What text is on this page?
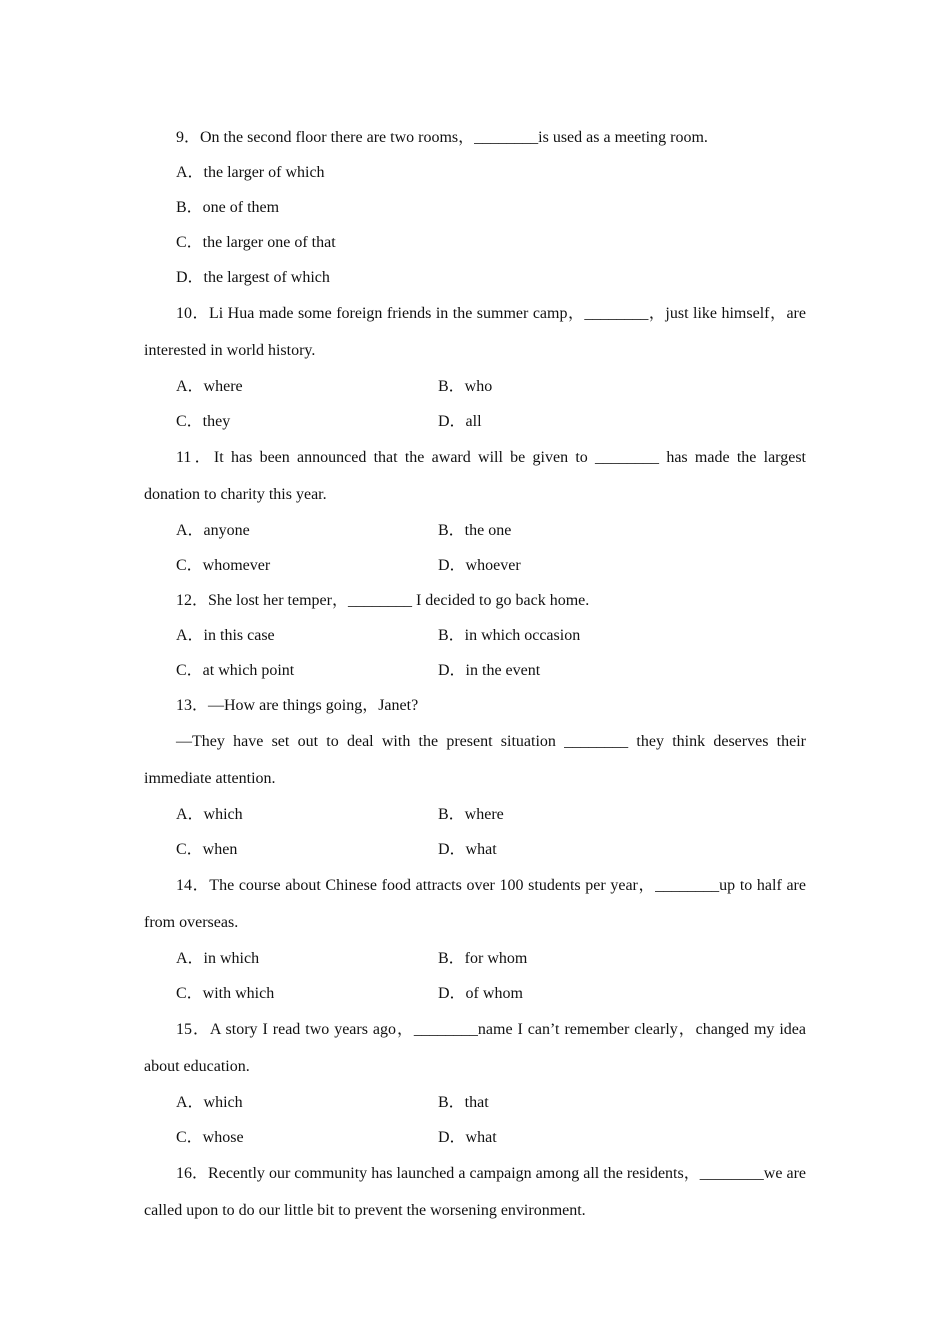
9．On the second floor there are two rooms，________is used as a meeting room.

A．the larger of which
B．one of them
C．the larger one of that
D．the largest of which

10．Li Hua made some foreign friends in the summer camp，________，just like himself，are interested in world history.

A．where	B．who
C．they	D．all

11．It has been announced that the award will be given to ________ has made the largest donation to charity this year.

A．anyone	B．the one
C．whomever	D．whoever

12．She lost her temper，________ I decided to go back home.

A．in this case	B．in which occasion
C．at which point	D．in the event

13．—How are things going，Janet?

—They have set out to deal with the present situation ________ they think deserves their immediate attention.

A．which	B．where
C．when	D．what

14．The course about Chinese food attracts over 100 students per year，________up to half are from overseas.

A．in which	B．for whom
C．with which	D．of whom

15．A story I read two years ago，________name I can’t remember clearly，changed my idea about education.

A．which	B．that
C．whose	D．what

16．Recently our community has launched a campaign among all the residents，________we are called upon to do our little bit to prevent the worsening environment.
